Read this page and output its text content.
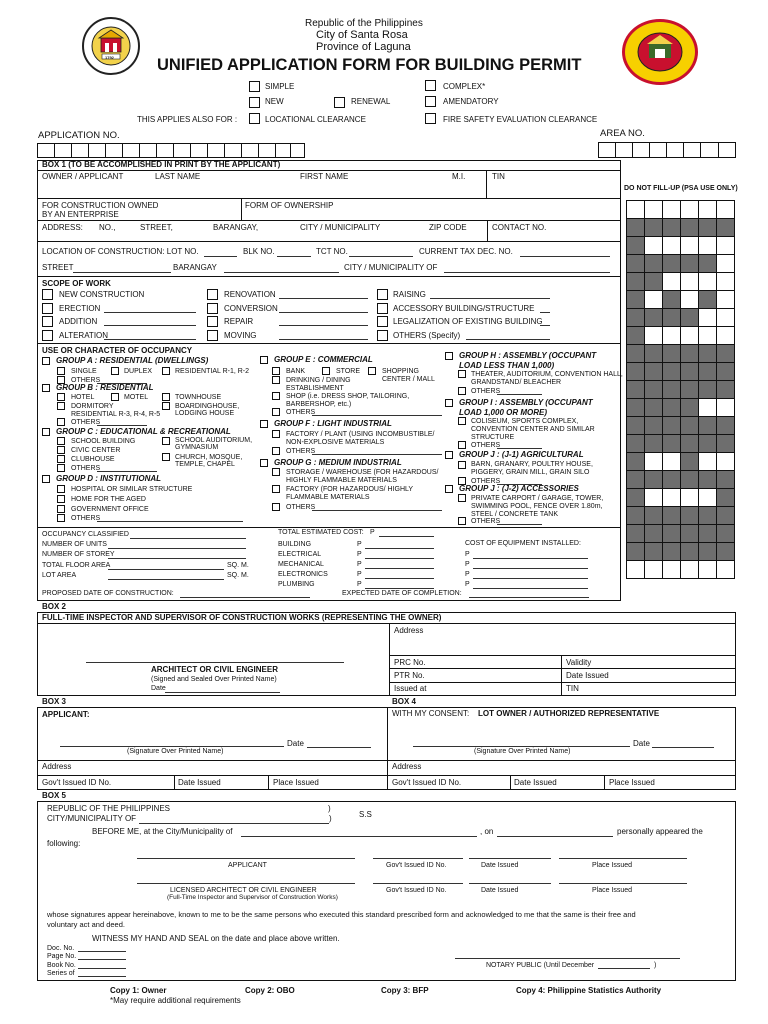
1792
Republic of the Philippines
City of Santa Rosa
Province of Laguna
UNIFIED APPLICATION FORM FOR BUILDING PERMIT
SIMPLE	COMPLEX*
NEW	RENEWAL	AMENDATORY
THIS APPLIES ALSO FOR :	LOCATIONAL CLEARANCE	FIRE SAFETY EVALUATION CLEARANCE
APPLICATION NO.	AREA NO.
BOX 1 (TO BE ACCOMPLISHED IN PRINT BY THE APPLICANT)
OWNER / APPLICANT	LAST NAME	FIRST NAME	M.I.	TIN
FOR CONSTRUCTION OWNED
BY AN ENTERPRISE
FORM OF OWNERSHIP
ADDRESS: NO.,	STREET,	BARANGAY,	CITY / MUNICIPALITY	ZIP CODE	CONTACT NO.
LOCATION OF CONSTRUCTION: LOT NO.	BLK NO.	TCT NO.	CURRENT TAX DEC. NO.
STREET	BARANGAY	CITY / MUNICIPALITY OF
SCOPE OF WORK
NEW CONSTRUCTION
ERECTION
ADDITION
ALTERATION
RENOVATION
CONVERSION
REPAIR
MOVING
RAISING
ACCESSORY BUILDING/STRUCTURE
LEGALIZATION OF EXISTING BUILDING
OTHERS (Specify)
USE OR CHARACTER OF OCCUPANCY
GROUP A : RESIDENTIAL (DWELLINGS)
SINGLE	DUPLEX	RESIDENTIAL R-1, R-2
OTHERS
GROUP B : RESIDENTIAL
HOTEL	MOTEL	TOWNHOUSE
DORMITORY	BOARDINGHOUSE,
LODGING HOUSE
RESIDENTIAL R-3, R-4, R-5
OTHERS
GROUP C : EDUCATIONAL & RECREATIONAL
SCHOOL BUILDING	SCHOOL AUDITORIUM,
GYMNASIUM
CIVIC CENTER
CLUBHOUSE	CHURCH, MOSQUE,
TEMPLE, CHAPEL
OTHERS
GROUP D : INSTITUTIONAL
HOSPITAL OR SIMILAR STRUCTURE
HOME FOR THE AGED
GOVERNMENT OFFICE
OTHERS
GROUP E : COMMERCIAL
BANK	STORE	SHOPPING
CENTER / MALL
DRINKING / DINING
ESTABLISHMENT
SHOP (i.e. DRESS SHOP, TAILORING,
BARBERSHOP, etc.)
OTHERS
GROUP F : LIGHT INDUSTRIAL
FACTORY / PLANT (USING INCOMBUSTIBLE/
NON-EXPLOSIVE MATERIALS
OTHERS
GROUP G : MEDIUM INDUSTRIAL
STORAGE / WAREHOUSE (FOR HAZARDOUS/
HIGHLY FLAMMABLE MATERIALS
FACTORY (FOR HAZARDOUS/ HIGHLY
FLAMMABLE MATERIALS
OTHERS
GROUP H : ASSEMBLY (OCCUPANT
LOAD LESS THAN 1,000)
THEATER, AUDITORIUM, CONVENTION HALL,
GRANDSTAND/ BLEACHER
OTHERS
GROUP I : ASSEMBLY (OCCUPANT
LOAD 1,000 OR MORE)
COLISEUM, SPORTS COMPLEX,
CONVENTION CENTER AND SIMILAR
STRUCTURE
OTHERS
GROUP J : (J-1) AGRICULTURAL
BARN, GRANARY, POULTRY HOUSE,
PIGGERY, GRAIN MILL, GRAIN SILO
OTHERS
GROUP J : (J-2) ACCESSORIES
PRIVATE CARPORT / GARAGE, TOWER,
SWIMMING POOL, FENCE OVER 1.80m,
STEEL / CONCRETE TANK
OTHERS
OCCUPANCY CLASSIFIED
NUMBER OF UNITS
NUMBER OF STOREY
TOTAL FLOOR AREA	SQ. M.
LOT AREA	SQ. M.
TOTAL ESTIMATED COST: P
BUILDING	P
ELECTRICAL	P
MECHANICAL	P
ELECTRONICS	P
PLUMBING	P
COST OF EQUIPMENT INSTALLED:
P
P
P
P
PROPOSED DATE OF CONSTRUCTION:	EXPECTED DATE OF COMPLETION:
DO NOT FILL-UP (PSA USE ONLY)

BOX 2
FULL-TIME INSPECTOR AND SUPERVISOR OF CONSTRUCTION WORKS (REPRESENTING THE OWNER)
Address
ARCHITECT OR CIVIL ENGINEER
(Signed and Sealed Over Printed Name)
Date
PRC No.	Validity
PTR No.	Date Issued
Issued at	TIN
BOX 3	BOX 4
APPLICANT:
Date
(Signature Over Printed Name)
Address
Gov't Issued ID No.	Date Issued	Place Issued
WITH MY CONSENT: LOT OWNER / AUTHORIZED REPRESENTATIVE
Date
(Signature Over Printed Name)
Address
Gov't Issued ID No.	Date Issued	Place Issued
BOX 5
REPUBLIC OF THE PHILIPPINES	)
CITY/MUNICIPALITY OF	)	S.S
BEFORE ME, at the City/Municipality of	, on	personally appeared the
following:
APPLICANT	Gov't Issued ID No.	Date Issued	Place Issued
LICENSED ARCHITECT OR CIVIL ENGINEER
(Full-Time Inspector and Supervisor of Construction Works)
Gov't Issued ID No.	Date Issued	Place Issued
whose signatures appear hereinabove, known to me to be the same persons who executed this standard prescribed form and acknowledged to me that the same is their free and
voluntary act and deed.
WITNESS MY HAND AND SEAL on the date and place above written.
Doc. No.
Page No.
Book No.
Series of
NOTARY PUBLIC (Until December	)
Copy 1: Owner	Copy 2: OBO	Copy 3: BFP	Copy 4: Philippine Statistics Authority
*May require additional requirements
